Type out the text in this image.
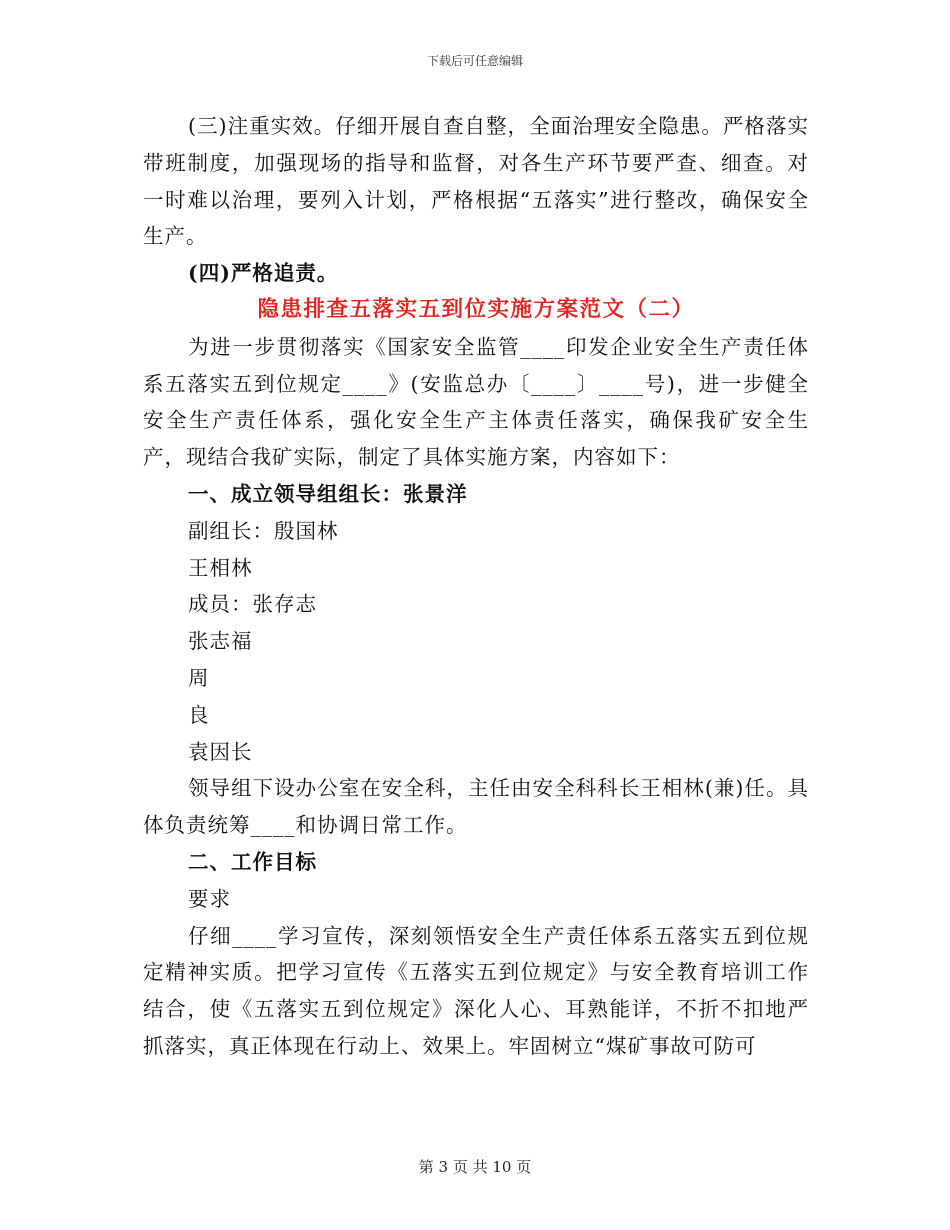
下载后可任意编辑

(三)注重实效。仔细开展自查自整，全面治理安全隐患。严格落实带班制度，加强现场的指导和监督，对各生产环节要严查、细查。对一时难以治理，要列入计划，严格根据“五落实”进行整改，确保安全生产。

(四)严格追责。

隐患排查五落实五到位实施方案范文（二）

为进一步贯彻落实《国家安全监管____印发企业安全生产责任体系五落实五到位规定____》(安监总办〔____〕____号)，进一步健全安全生产责任体系，强化安全生产主体责任落实，确保我矿安全生产，现结合我矿实际，制定了具体实施方案，内容如下：

一、成立领导组组长：张景洋

副组长：殷国林

王相林

成员：张存志

张志福

周

良

袁因长

领导组下设办公室在安全科，主任由安全科科长王相林(兼)任。具体负责统筹____和协调日常工作。

二、工作目标

要求

仔细____学习宣传，深刻领悟安全生产责任体系五落实五到位规定精神实质。把学习宣传《五落实五到位规定》与安全教育培训工作结合，使《五落实五到位规定》深化人心、耳熟能详，不折不扣地严抓落实，真正体现在行动上、效果上。牢固树立“煤矿事故可防可

第 3 页 共 10 页
